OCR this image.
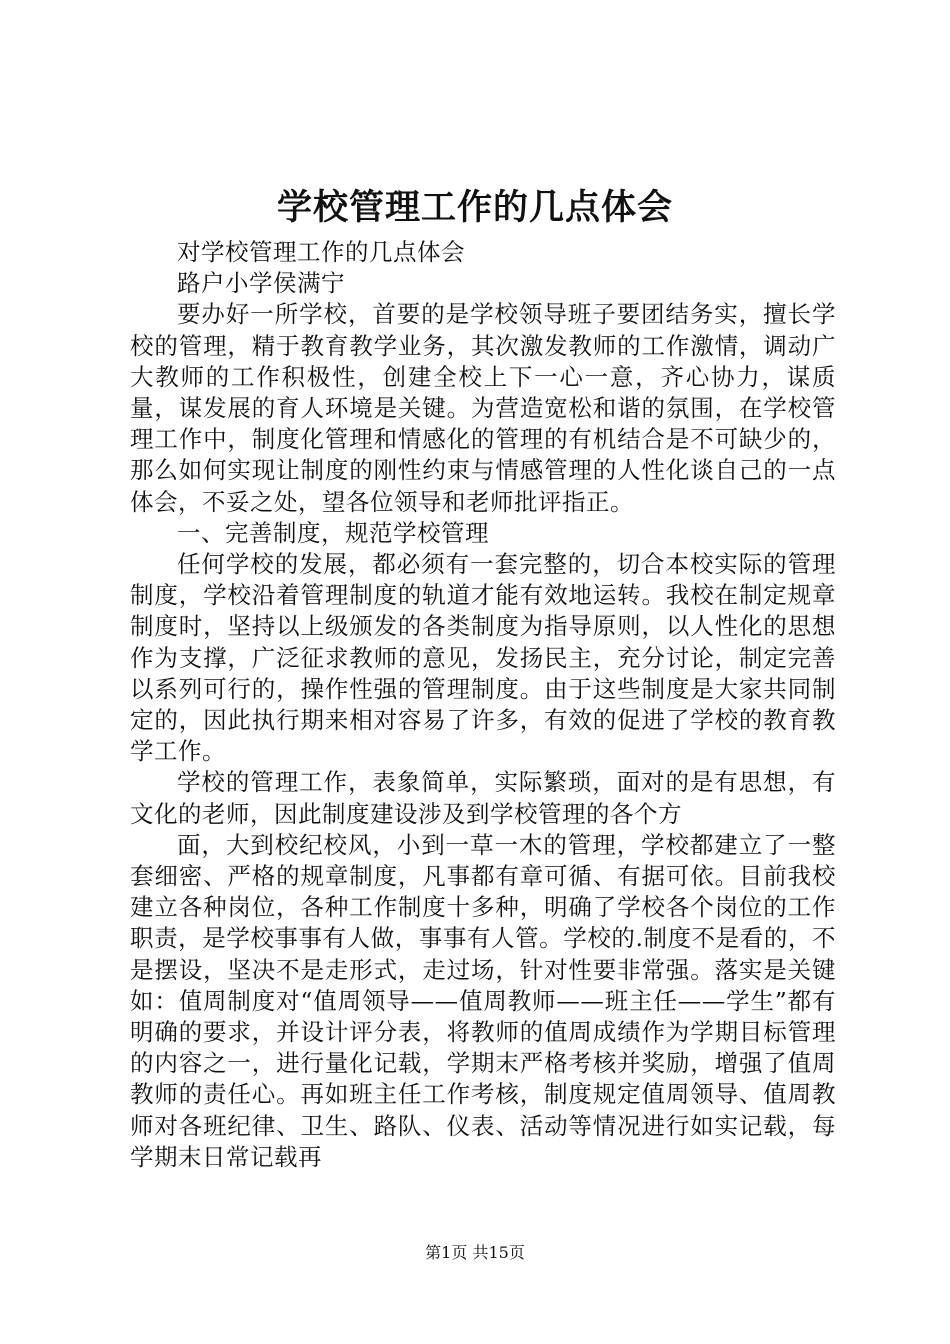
学校管理工作的几点体会

对学校管理工作的几点体会

路户小学侯满宁

要办好一所学校，首要的是学校领导班子要团结务实，擅长学校的管理，精于教育教学业务，其次激发教师的工作激情，调动广大教师的工作积极性，创建全校上下一心一意，齐心协力，谋质量，谋发展的育人环境是关键。为营造宽松和谐的氛围，在学校管理工作中，制度化管理和情感化的管理的有机结合是不可缺少的，那么如何实现让制度的刚性约束与情感管理的人性化谈自己的一点体会，不妥之处，望各位领导和老师批评指正。

一、完善制度，规范学校管理

任何学校的发展，都必须有一套完整的，切合本校实际的管理制度，学校沿着管理制度的轨道才能有效地运转。我校在制定规章制度时，坚持以上级颁发的各类制度为指导原则，以人性化的思想作为支撑，广泛征求教师的意见，发扬民主，充分讨论，制定完善以系列可行的，操作性强的管理制度。由于这些制度是大家共同制定的，因此执行期来相对容易了许多，有效的促进了学校的教育教学工作。

学校的管理工作，表象简单，实际繁琐，面对的是有思想，有文化的老师，因此制度建设涉及到学校管理的各个方

面，大到校纪校风，小到一草一木的管理，学校都建立了一整套细密、严格的规章制度，凡事都有章可循、有据可依。目前我校建立各种岗位，各种工作制度十多种，明确了学校各个岗位的工作职责，是学校事事有人做，事事有人管。学校的.制度不是看的，不是摆设，坚决不是走形式，走过场，针对性要非常强。落实是关键如：值周制度对“值周领导——值周教师——班主任——学生”都有明确的要求，并设计评分表，将教师的值周成绩作为学期目标管理的内容之一，进行量化记载，学期末严格考核并奖励，增强了值周教师的责任心。再如班主任工作考核，制度规定值周领导、值周教师对各班纪律、卫生、路队、仪表、活动等情况进行如实记载，每学期末日常记载再

第1页 共15页
